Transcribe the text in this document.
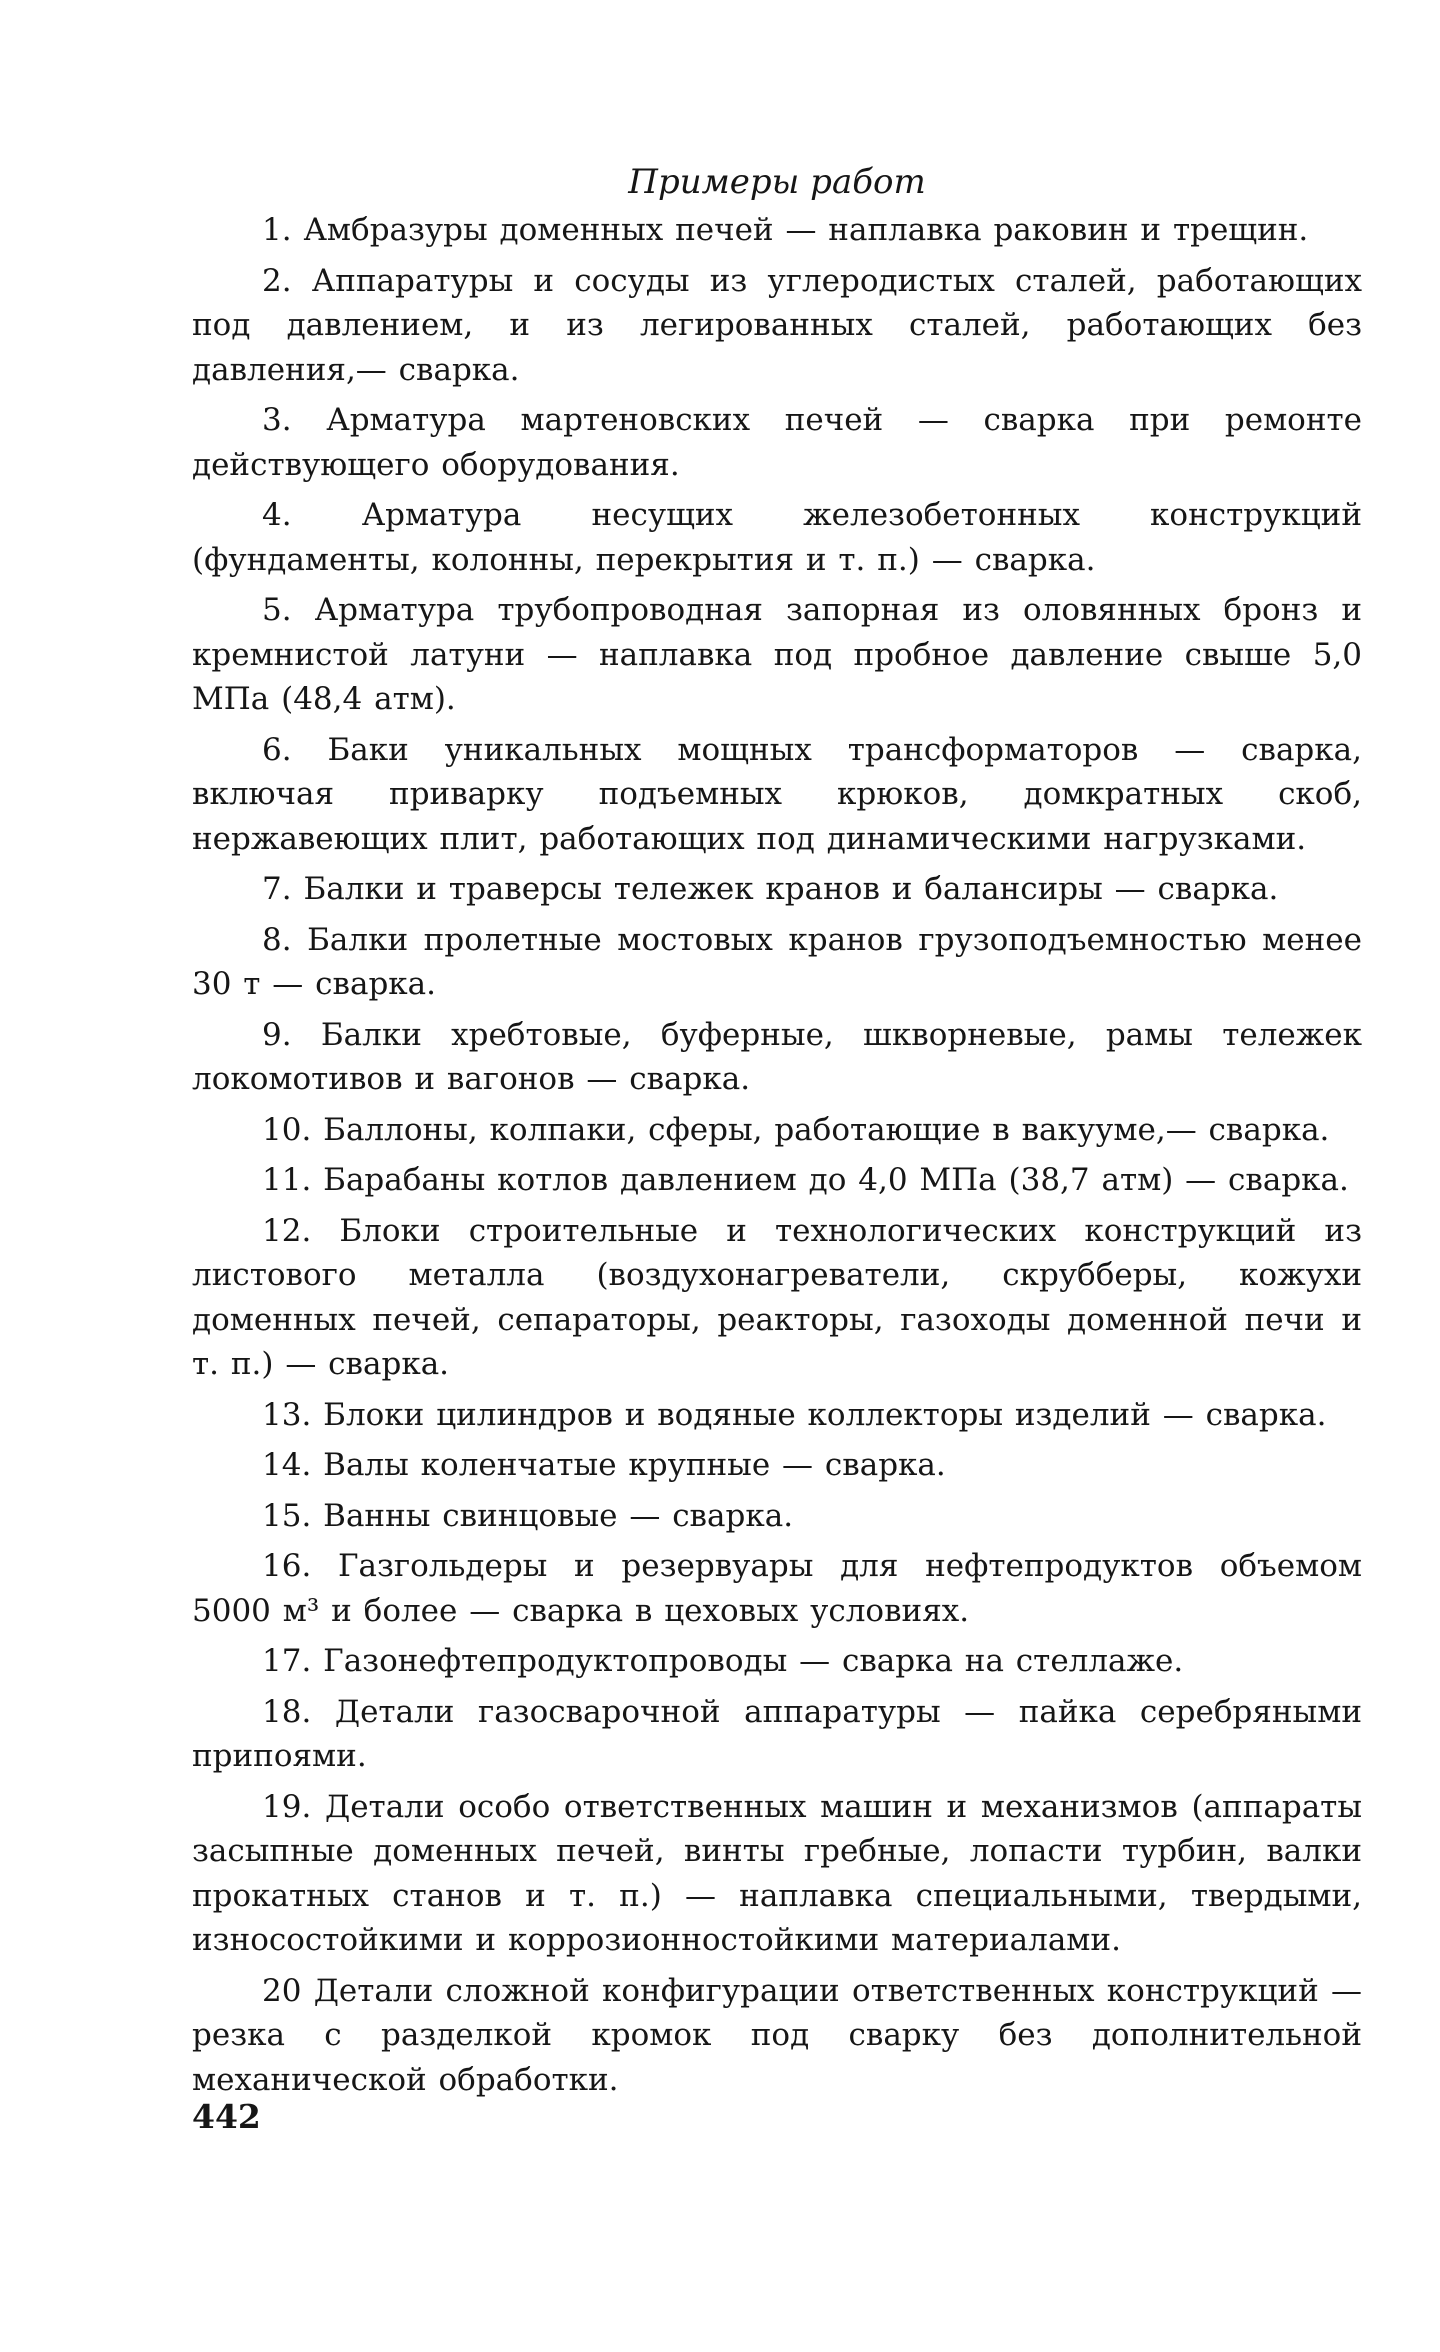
Примеры работ

1. Амбразуры доменных печей — наплавка раковин и трещин.

2. Аппаратуры и сосуды из углеродистых сталей, работающих под давлением, и из легированных сталей, работающих без давления,— сварка.

3. Арматура мартеновских печей — сварка при ремонте действующего оборудования.

4. Арматура несущих железобетонных конструкций (фундаменты, колонны, перекрытия и т. п.) — сварка.

5. Арматура трубопроводная запорная из оловянных бронз и кремнистой латуни — наплавка под пробное давление свыше 5,0 МПа (48,4 атм).

6. Баки уникальных мощных трансформаторов — сварка, включая приварку подъемных крюков, домкратных скоб, нержавеющих плит, работающих под динамическими нагрузками.

7. Балки и траверсы тележек кранов и балансиры — сварка.

8. Балки пролетные мостовых кранов грузоподъемностью менее 30 т — сварка.

9. Балки хребтовые, буферные, шкворневые, рамы тележек локомотивов и вагонов — сварка.

10. Баллоны, колпаки, сферы, работающие в вакууме,— сварка.

11. Барабаны котлов давлением до 4,0 МПа (38,7 атм) — сварка.

12. Блоки строительные и технологических конструкций из листового металла (воздухонагреватели, скрубберы, кожухи доменных печей, сепараторы, реакторы, газоходы доменной печи и т. п.) — сварка.

13. Блоки цилиндров и водяные коллекторы изделий — сварка.

14. Валы коленчатые крупные — сварка.

15. Ванны свинцовые — сварка.

16. Газгольдеры и резервуары для нефтепродуктов объемом 5000 м³ и более — сварка в цеховых условиях.

17. Газонефтепродуктопроводы — сварка на стеллаже.

18. Детали газосварочной аппаратуры — пайка серебряными припоями.

19. Детали особо ответственных машин и механизмов (аппараты засыпные доменных печей, винты гребные, лопасти турбин, валки прокатных станов и т. п.) — наплавка специальными, твердыми, износостойкими и коррозионностойкими материалами.

20 Детали сложной конфигурации ответственных конструкций — резка с разделкой кромок под сварку без дополнительной механической обработки.

442
